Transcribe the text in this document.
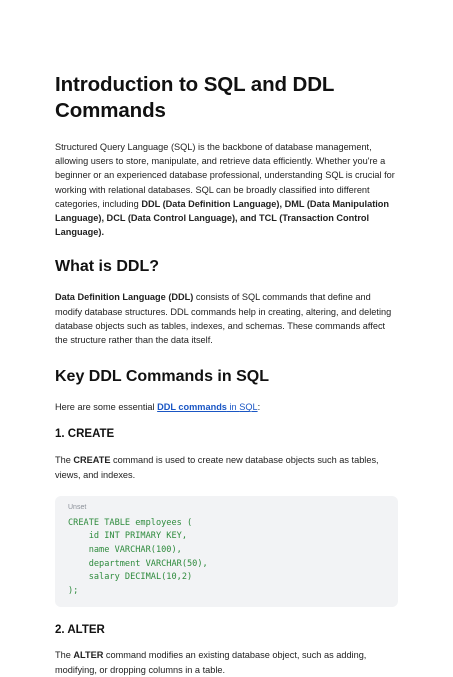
Introduction to SQL and DDL Commands

Structured Query Language (SQL) is the backbone of database management, allowing users to store, manipulate, and retrieve data efficiently. Whether you're a beginner or an experienced database professional, understanding SQL is crucial for working with relational databases. SQL can be broadly classified into different categories, including DDL (Data Definition Language), DML (Data Manipulation Language), DCL (Data Control Language), and TCL (Transaction Control Language).

What is DDL?

Data Definition Language (DDL) consists of SQL commands that define and modify database structures. DDL commands help in creating, altering, and deleting database objects such as tables, indexes, and schemas. These commands affect the structure rather than the data itself.

Key DDL Commands in SQL

Here are some essential DDL commands in SQL:

1. CREATE

The CREATE command is used to create new database objects such as tables, views, and indexes.

Unset
CREATE TABLE employees (
id INT PRIMARY KEY,
name VARCHAR(100),
department VARCHAR(50),
salary DECIMAL(10,2)
);
2. ALTER

The ALTER command modifies an existing database object, such as adding, modifying, or dropping columns in a table.
